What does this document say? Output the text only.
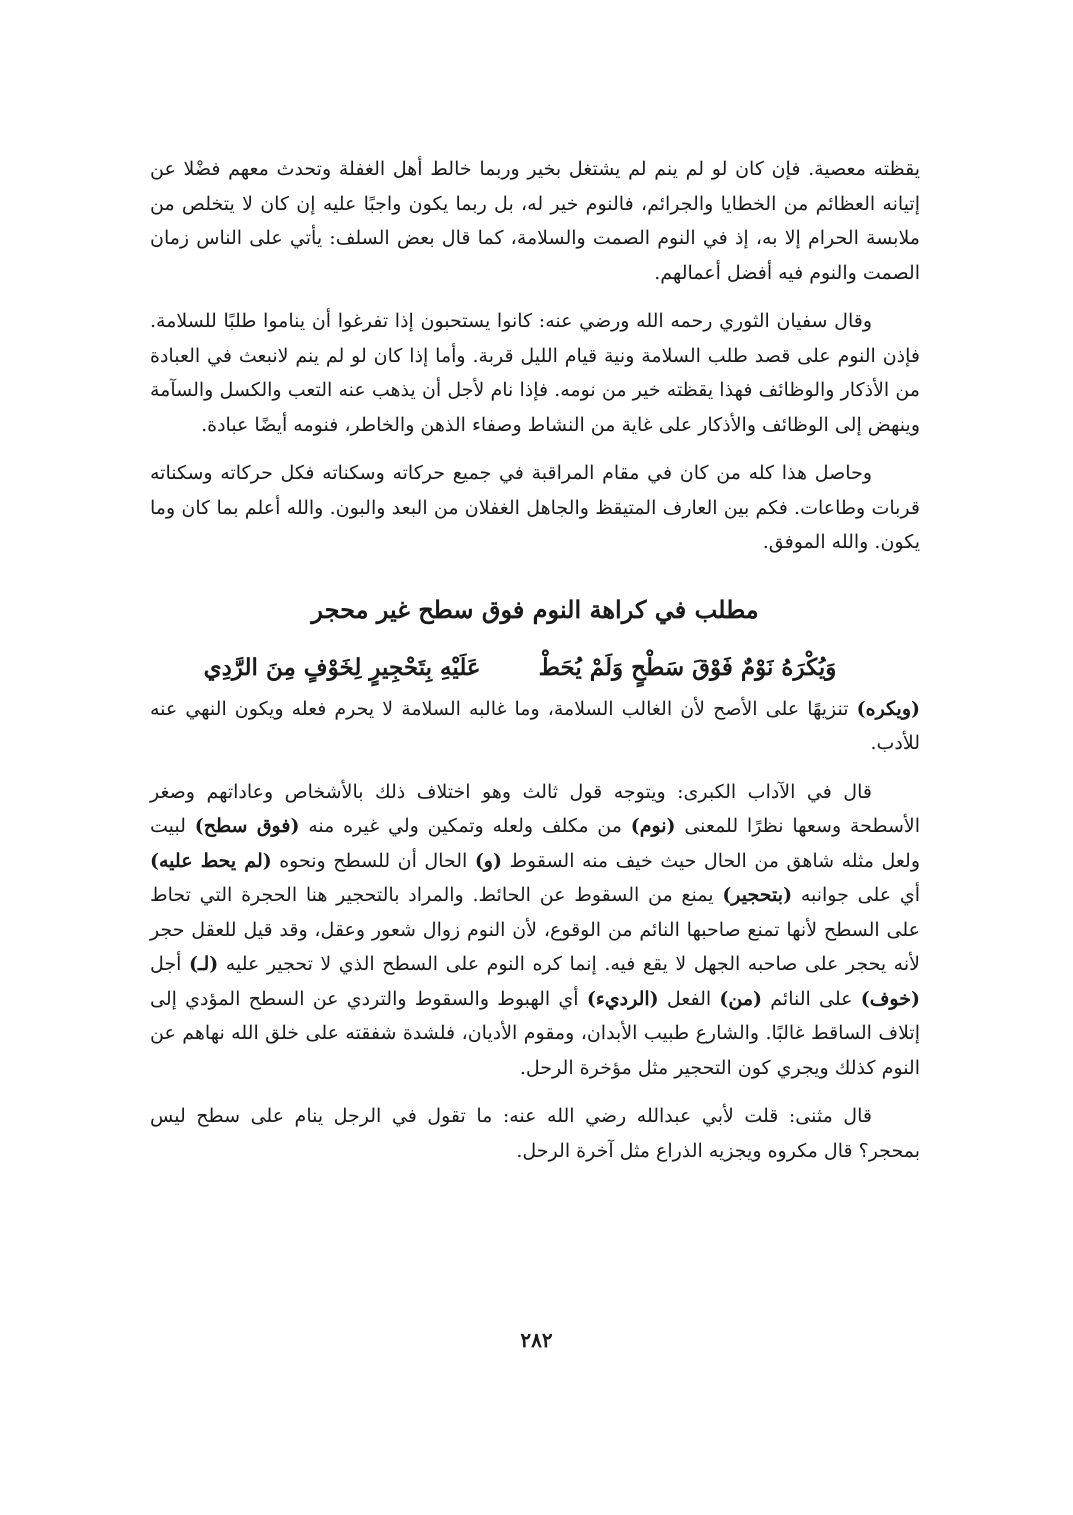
يقظته معصية. فإن كان لو لم ينم لم يشتغل بخير وربما خالط أهل الغفلة وتحدث معهم فضْلا عن إتيانه العظائم من الخطايا والجرائم، فالنوم خير له، بل ربما يكون واجبًا عليه إن كان لا يتخلص من ملابسة الحرام إلا به، إذ في النوم الصمت والسلامة، كما قال بعض السلف: يأتي على الناس زمان الصمت والنوم فيه أفضل أعمالهم.

وقال سفيان الثوري رحمه الله ورضي عنه: كانوا يستحبون إذا تفرغوا أن يناموا طلبًا للسلامة. فإذن النوم على قصد طلب السلامة ونية قيام الليل قربة. وأما إذا كان لو لم ينم لانبعث في العبادة من الأذكار والوظائف فهذا يقظته خير من نومه. فإذا نام لأجل أن يذهب عنه التعب والكسل والسآمة وينهض إلى الوظائف والأذكار على غاية من النشاط وصفاء الذهن والخاطر، فنومه أيضًا عبادة.

وحاصل هذا كله من كان في مقام المراقبة في جميع حركاته وسكناته فكل حركاته وسكناته قربات وطاعات. فكم بين العارف المتيقظ والجاهل الغفلان من البعد والبون. والله أعلم بما كان وما يكون. والله الموفق.

مطلب في كراهة النوم فوق سطح غير محجر
وَيُكْرَهُ نَوْمٌ فَوْقَ سَطْحٍ وَلَمْ يُحَطْ
عَلَيْهِ بِتَحْجِيرٍ لِخَوْفٍ مِنَ الرَّدِي

(ويكره) تنزيهًا على الأصح لأن الغالب السلامة، وما غالبه السلامة لا يحرم فعله ويكون النهي عنه للأدب.

قال في الآداب الكبرى: ويتوجه قول ثالث وهو اختلاف ذلك بالأشخاص وعاداتهم وصغر الأسطحة وسعها نظرًا للمعنى (نوم) من مكلف ولعله وتمكين ولي غيره منه (فوق سطح) لبيت ولعل مثله شاهق من الحال حيث خيف منه السقوط (و) الحال أن للسطح ونحوه (لم يحط عليه) أي على جوانبه (بتحجير) يمنع من السقوط عن الحائط. والمراد بالتحجير هنا الحجرة التي تحاط على السطح لأنها تمنع صاحبها النائم من الوقوع، لأن النوم زوال شعور وعقل، وقد قيل للعقل حجر لأنه يحجر على صاحبه الجهل لا يقع فيه. إنما كره النوم على السطح الذي لا تحجير عليه (لـ) أجل (خوف) على النائم (من) الفعل (الرديء) أي الهبوط والسقوط والتردي عن السطح المؤدي إلى إتلاف الساقط غالبًا. والشارع طبيب الأبدان، ومقوم الأديان، فلشدة شفقته على خلق الله نهاهم عن النوم كذلك ويجري كون التحجير مثل مؤخرة الرحل.

قال مثنى: قلت لأبي عبدالله رضي الله عنه: ما تقول في الرجل ينام على سطح ليس بمحجر؟ قال مكروه ويجزيه الذراع مثل آخرة الرحل.

٢٨٢
